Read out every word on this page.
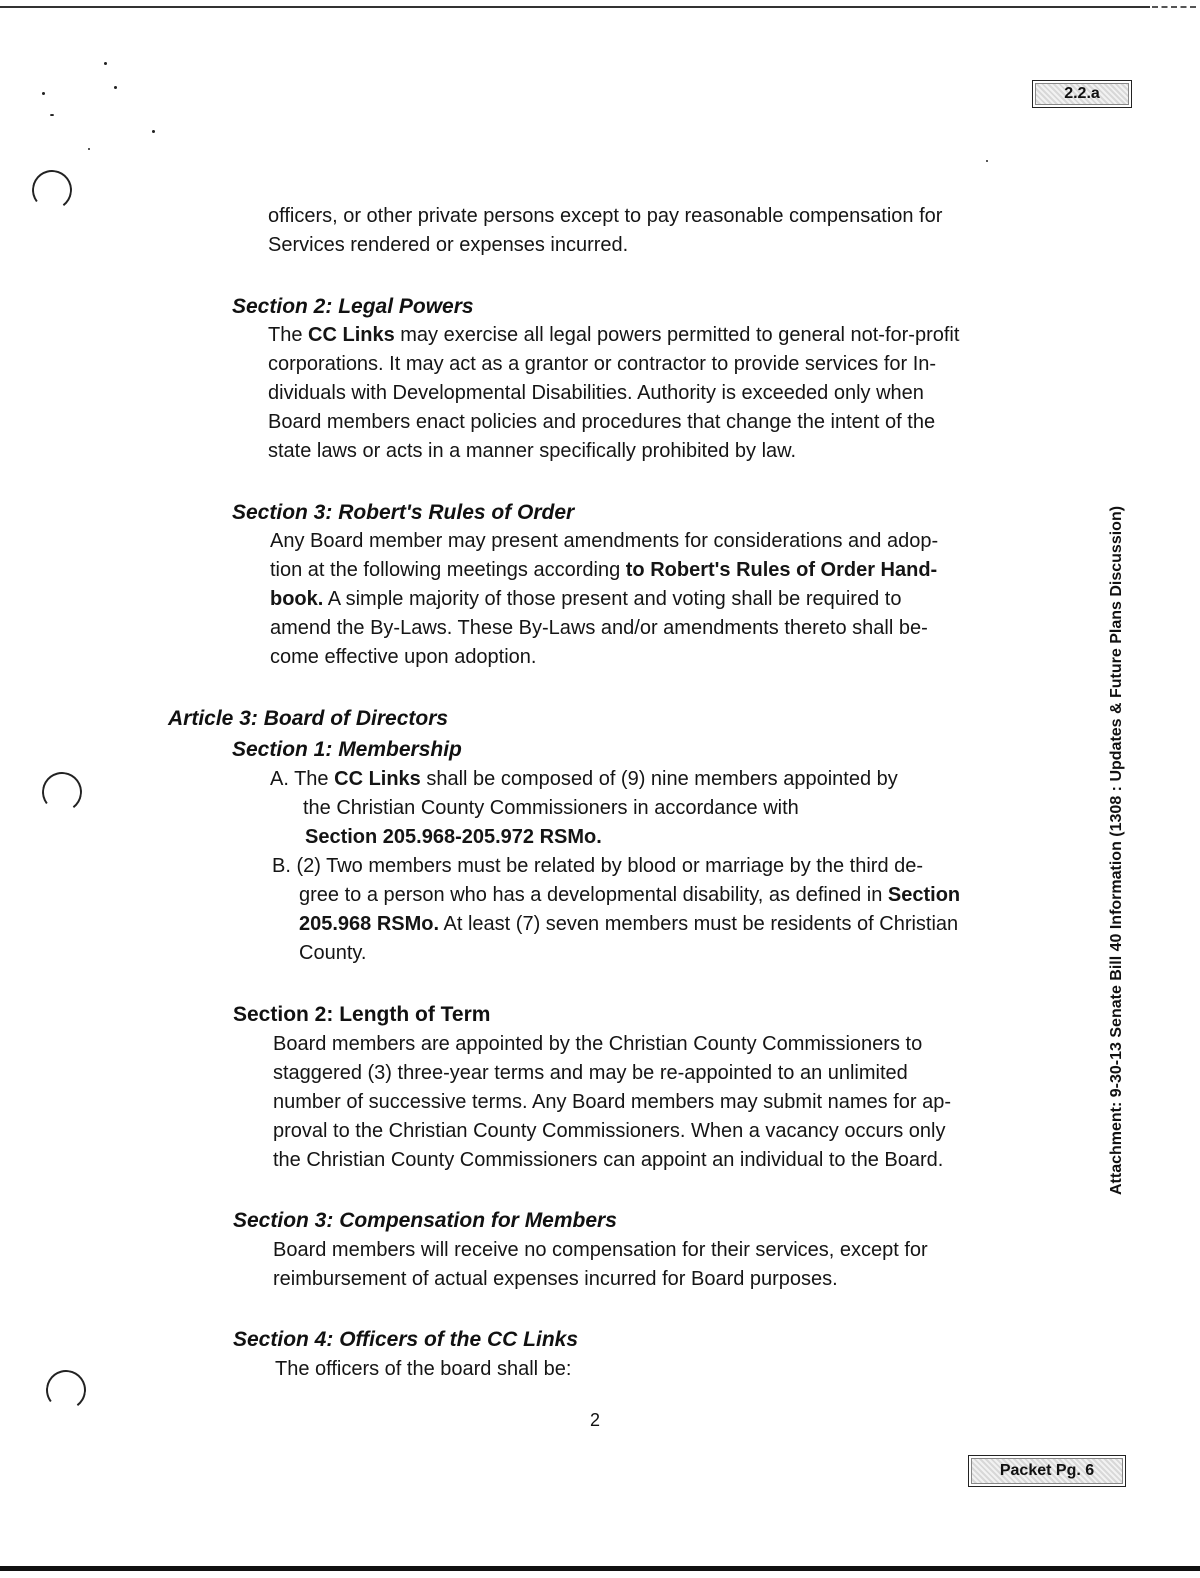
2.2.a
Attachment: 9-30-13 Senate Bill 40 Information (1308 : Updates & Future Plans Discussion)
officers, or other private persons except to pay reasonable compensation for
Services rendered or expenses incurred.
Section 2: Legal Powers
The CC Links may exercise all legal powers permitted to general not-for-profit
corporations. It may act as a grantor or contractor to provide services for In-
dividuals with Developmental Disabilities. Authority is exceeded only when
Board members enact policies and procedures that change the intent of the
state laws or acts in a manner specifically prohibited by law.
Section 3: Robert's Rules of Order
Any Board member may present amendments for considerations and adop-
tion at the following meetings according to Robert's Rules of Order Hand-
book. A simple majority of those present and voting shall be required to
amend the By-Laws. These By-Laws and/or amendments thereto shall be-
come effective upon adoption.
Article 3: Board of Directors
Section 1: Membership
A. The CC Links shall be composed of (9) nine members appointed by
the Christian County Commissioners in accordance with
Section 205.968-205.972 RSMo.
B. (2) Two members must be related by blood or marriage by the third de-
gree to a person who has a developmental disability, as defined in Section
205.968 RSMo. At least (7) seven members must be residents of Christian
County.
Section 2: Length of Term
Board members are appointed by the Christian County Commissioners to
staggered (3) three-year terms and may be re-appointed to an unlimited
number of successive terms. Any Board members may submit names for ap-
proval to the Christian County Commissioners. When a vacancy occurs only
the Christian County Commissioners can appoint an individual to the Board.
Section 3: Compensation for Members
Board members will receive no compensation for their services, except for
reimbursement of actual expenses incurred for Board purposes.
Section 4: Officers of the CC Links
The officers of the board shall be:
2
Packet Pg. 6
